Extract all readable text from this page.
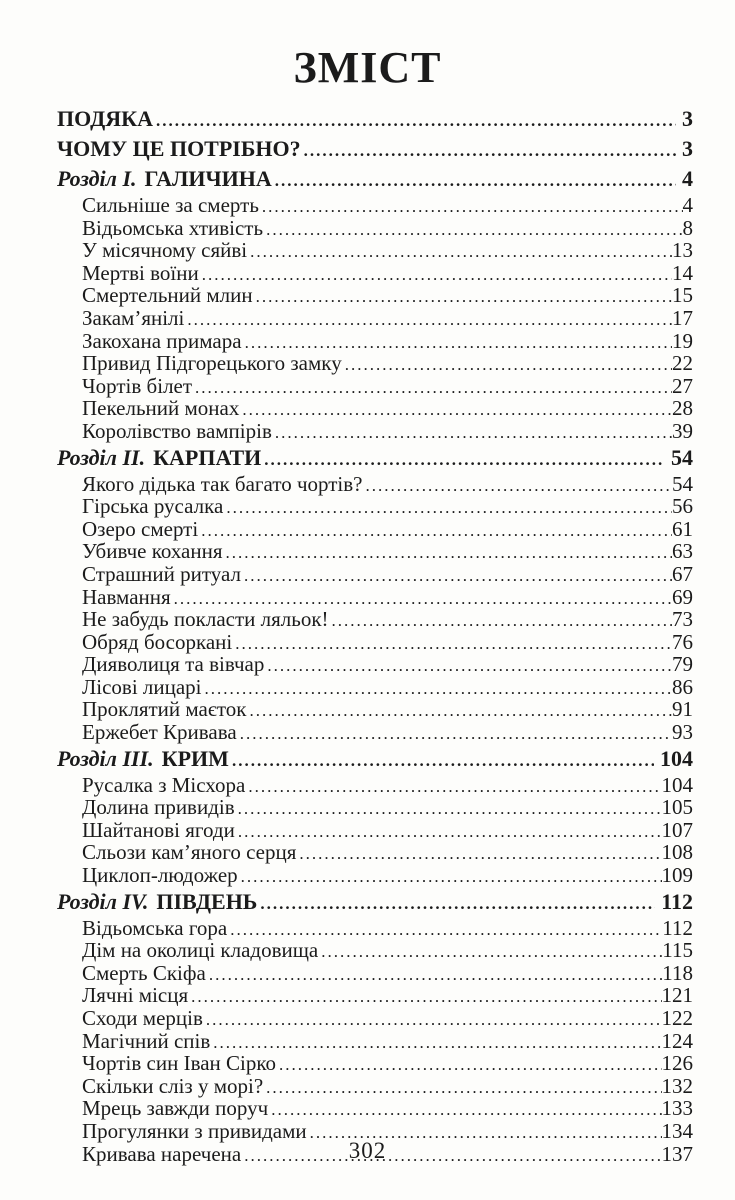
ЗМІСТ
ПОДЯКА .....	3
ЧОМУ ЦЕ ПОТРІБНО? .....	3
Розділ I. ГАЛИЧИНА .....	4
Сильніше за смерть .....	4
Відьомська хтивість .....	8
У місячному сяйві .....	13
Мертві воїни .....	14
Смертельний млин .....	15
Закам’янілі .....	17
Закохана примара .....	19
Привид Підгорецького замку .....	22
Чортів білет .....	27
Пекельний монах .....	28
Королівство вампірів .....	39
Розділ II. КАРПАТИ .....	54
Якого дідька так багато чортів? .....	54
Гірська русалка .....	56
Озеро смерті .....	61
Убивче кохання .....	63
Страшний ритуал .....	67
Навмання .....	69
Не забудь покласти ляльок! .....	73
Обряд босоркані .....	76
Дияволиця та вівчар .....	79
Лісові лицарі .....	86
Проклятий маєток .....	91
Ержебет Кривава .....	93
Розділ III. КРИМ .....	104
Русалка з Місхора .....	104
Долина привидів .....	105
Шайтанові ягоди .....	107
Сльози кам’яного серця .....	108
Циклоп-людожер .....	109
Розділ IV. ПІВДЕНЬ .....	112
Відьомська гора .....	112
Дім на околиці кладовища .....	115
Смерть Скіфа .....	118
Лячні місця .....	121
Сходи мерців .....	122
Магічний спів .....	124
Чортів син Іван Сірко .....	126
Скільки сліз у морі? .....	132
Мрець завжди поруч .....	133
Прогулянки з привидами .....	134
Кривава наречена .....	137
302
